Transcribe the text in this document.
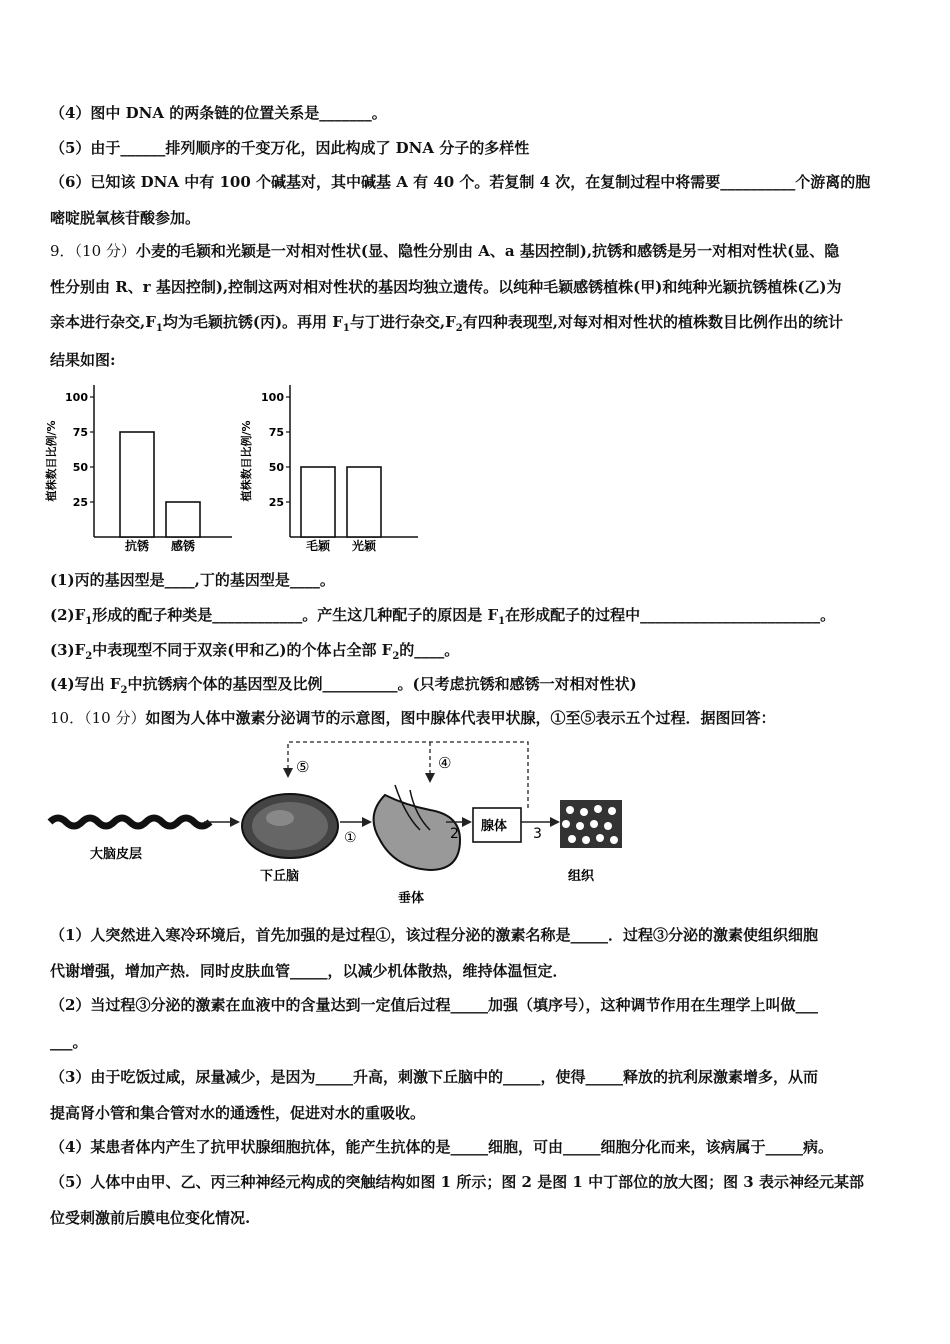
（4）图中 DNA 的两条链的位置关系是_______。
（5）由于______排列顺序的千变万化，因此构成了 DNA 分子的多样性
（6）已知该 DNA 中有 100 个碱基对，其中碱基 A 有 40 个。若复制 4 次，在复制过程中将需要__________个游离的胞
嘧啶脱氧核苷酸参加。
9．（10 分）小麦的毛颖和光颖是一对相对性状(显、隐性分别由 A、a 基因控制),抗锈和感锈是另一对相对性状(显、隐
性分别由 R、r 基因控制),控制这两对相对性状的基因均独立遗传。以纯种毛颖感锈植株(甲)和纯种光颖抗锈植株(乙)为
亲本进行杂交$,F_1$均为毛颖抗锈(丙)。再用 $F_1$与丁进行杂交$,F_2$有四种表现型,对每对相对性状的植株数目比例作出的统计
结果如图:
25
50
75
100
植株数目比例/%
抗锈 感锈
25
50
75
100
植株数目比例/%
毛颖 光颖
(1)丙的基因型是____,丁的基因型是____。
$(2)F_1$形成的配子种类是____________。产生这几种配子的原因是 $F_1$在形成配子的过程中________________________。
$(3)F_2$中表现型不同于双亲(甲和乙)的个体占全部 $F_2$的____。
(4)写出 $F_2$中抗锈病个体的基因型及比例__________。(只考虑抗锈和感锈一对相对性状)
10．（10 分）如图为人体中激素分泌调节的示意图，图中腺体代表甲状腺，①至⑤表示五个过程．据图回答：
⑤	④
大脑皮层
下丘脑
①
垂体
2 腺体 3
组织
（1）人突然进入寒冷环境后，首先加强的是过程①，该过程分泌的激素名称是_____．过程③分泌的激素使组织细胞
代谢增强，增加产热．同时皮肤血管_____，以减少机体散热，维持体温恒定．
（2）当过程③分泌的激素在血液中的含量达到一定值后过程_____加强（填序号），这种调节作用在生理学上叫做___
___。
（3）由于吃饭过咸，尿量减少，是因为_____升高，刺激下丘脑中的_____，使得_____释放的抗利尿激素增多，从而
提高肾小管和集合管对水的通透性，促进对水的重吸收。
（4）某患者体内产生了抗甲状腺细胞抗体，能产生抗体的是_____细胞，可由_____细胞分化而来，该病属于_____病。
（5）人体中由甲、乙、丙三种神经元构成的突触结构如图 1 所示；图 2 是图 1 中丁部位的放大图；图 3 表示神经元某部
位受刺激前后膜电位变化情况.
